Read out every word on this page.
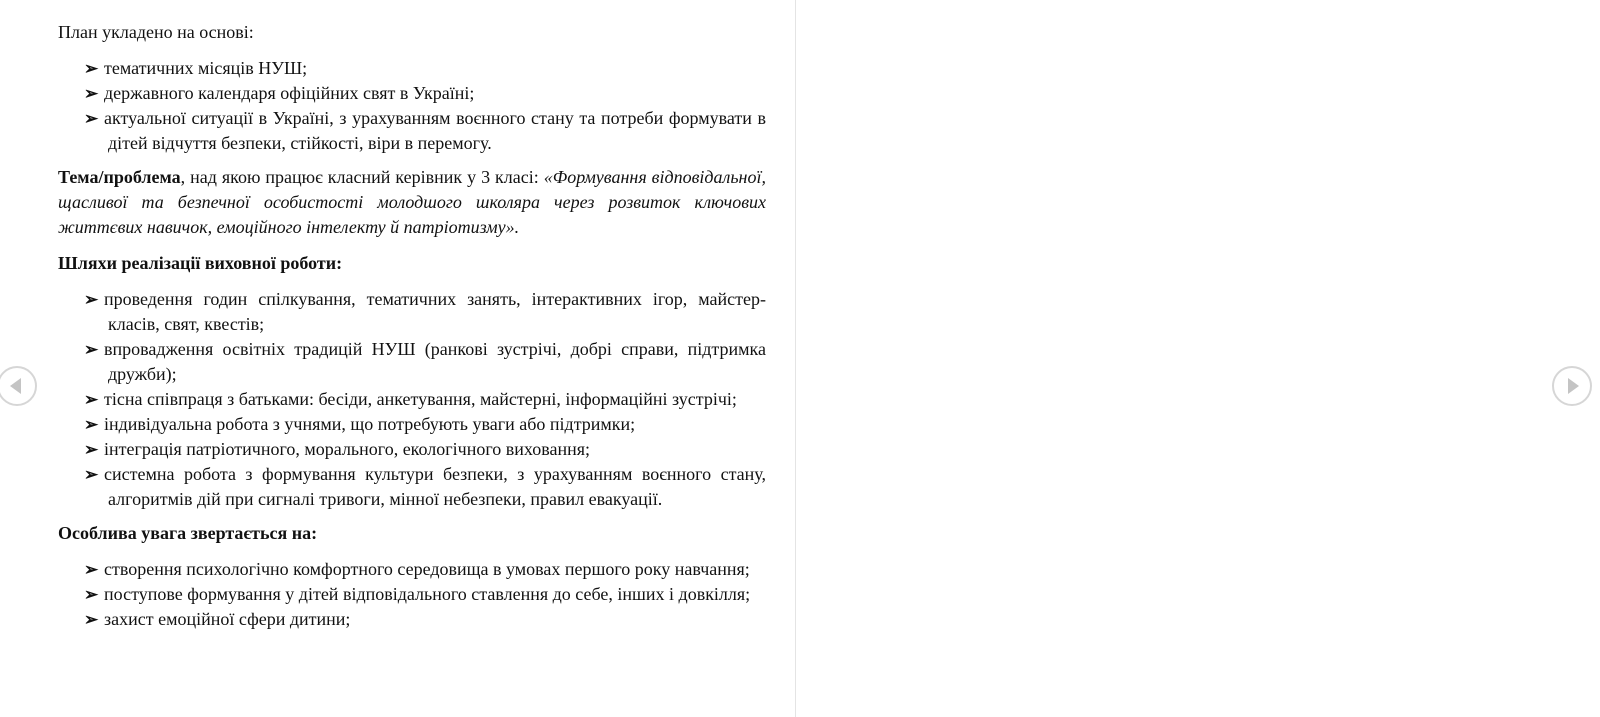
План укладено на основі:

➢ тематичних місяців НУШ;
➢ державного календаря офіційних свят в Україні;
➢ актуальної ситуації в Україні, з урахуванням воєнного стану та потреби формувати в дітей відчуття безпеки, стійкості, віри в перемогу.

Тема/проблема, над якою працює класний керівник у 3 класі: «Формування відповідальної, щасливої та безпечної особистості молодшого школяра через розвиток ключових життєвих навичок, емоційного інтелекту й патріотизму».

Шляхи реалізації виховної роботи:

➢ проведення годин спілкування, тематичних занять, інтерактивних ігор, майстер-класів, свят, квестів;
➢ впровадження освітніх традицій НУШ (ранкові зустрічі, добрі справи, підтримка дружби);
➢ тісна співпраця з батьками: бесіди, анкетування, майстерні, інформаційні зустрічі;
➢ індивідуальна робота з учнями, що потребують уваги або підтримки;
➢ інтеграція патріотичного, морального, екологічного виховання;
➢ системна робота з формування культури безпеки, з урахуванням воєнного стану, алгоритмів дій при сигналі тривоги, мінної небезпеки, правил евакуації.

Особлива увага звертається на:

➢ створення психологічно комфортного середовища в умовах першого року навчання;
➢ поступове формування у дітей відповідального ставлення до себе, інших і довкілля;
➢ захист емоційної сфери дитини;
